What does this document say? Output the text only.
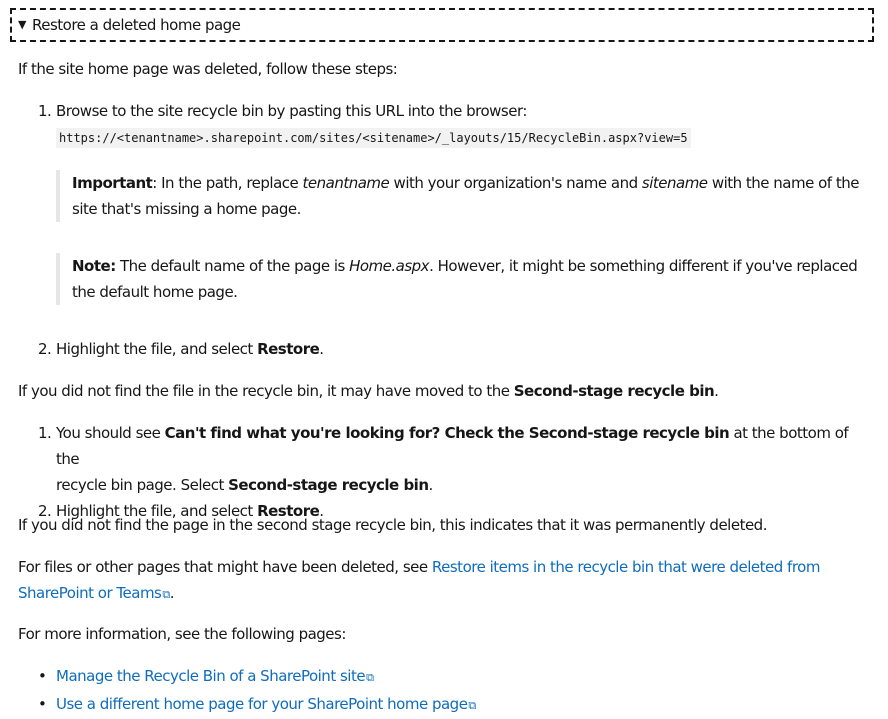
▼ Restore a deleted home page

If the site home page was deleted, follow these steps:

1. Browse to the site recycle bin by pasting this URL into the browser:
https://<tenantname>.sharepoint.com/sites/<sitename>/_layouts/15/RecycleBin.aspx?view=5
Important: In the path, replace tenantname with your organization's name and sitename with the name of the
site that's missing a home page.
Note: The default name of the page is Home.aspx. However, it might be something different if you've replaced
the default home page.
2. Highlight the file, and select Restore.

If you did not find the file in the recycle bin, it may have moved to the Second-stage recycle bin.

1. You should see Can't find what you're looking for? Check the Second-stage recycle bin at the bottom of the
recycle bin page. Select Second-stage recycle bin.
2. Highlight the file, and select Restore.

If you did not find the page in the second stage recycle bin, this indicates that it was permanently deleted.

For files or other pages that might have been deleted, see Restore items in the recycle bin that were deleted from
SharePoint or Teams⧉.

For more information, see the following pages:

• Manage the Recycle Bin of a SharePoint site⧉
• Use a different home page for your SharePoint home page⧉
